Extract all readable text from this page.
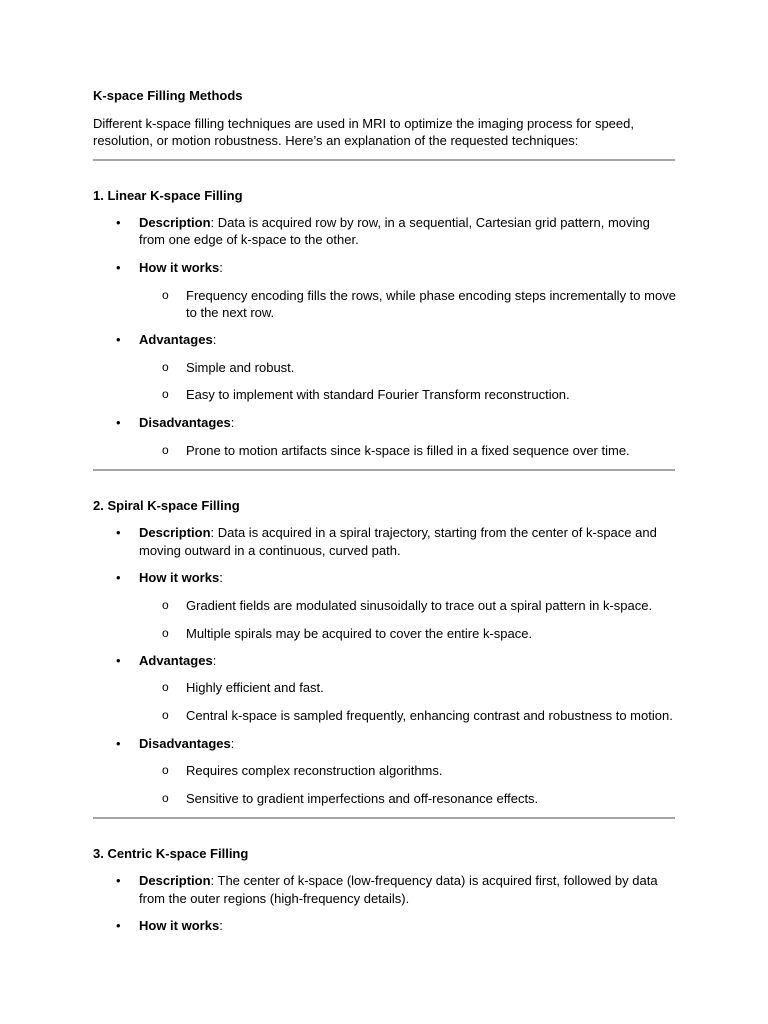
K-space Filling Methods
Different k-space filling techniques are used in MRI to optimize the imaging process for speed,
resolution, or motion robustness. Here’s an explanation of the requested techniques:
1. Linear K-space Filling
• Description: Data is acquired row by row, in a sequential, Cartesian grid pattern, moving
from one edge of k-space to the other.
• How it works:
o Frequency encoding fills the rows, while phase encoding steps incrementally to move
to the next row.
• Advantages:
o Simple and robust.
o Easy to implement with standard Fourier Transform reconstruction.
• Disadvantages:
o Prone to motion artifacts since k-space is filled in a fixed sequence over time.
2. Spiral K-space Filling
• Description: Data is acquired in a spiral trajectory, starting from the center of k-space and
moving outward in a continuous, curved path.
• How it works:
o Gradient fields are modulated sinusoidally to trace out a spiral pattern in k-space.
o Multiple spirals may be acquired to cover the entire k-space.
• Advantages:
o Highly efficient and fast.
o Central k-space is sampled frequently, enhancing contrast and robustness to motion.
• Disadvantages:
o Requires complex reconstruction algorithms.
o Sensitive to gradient imperfections and off-resonance effects.
3. Centric K-space Filling
• Description: The center of k-space (low-frequency data) is acquired first, followed by data
from the outer regions (high-frequency details).
• How it works:
